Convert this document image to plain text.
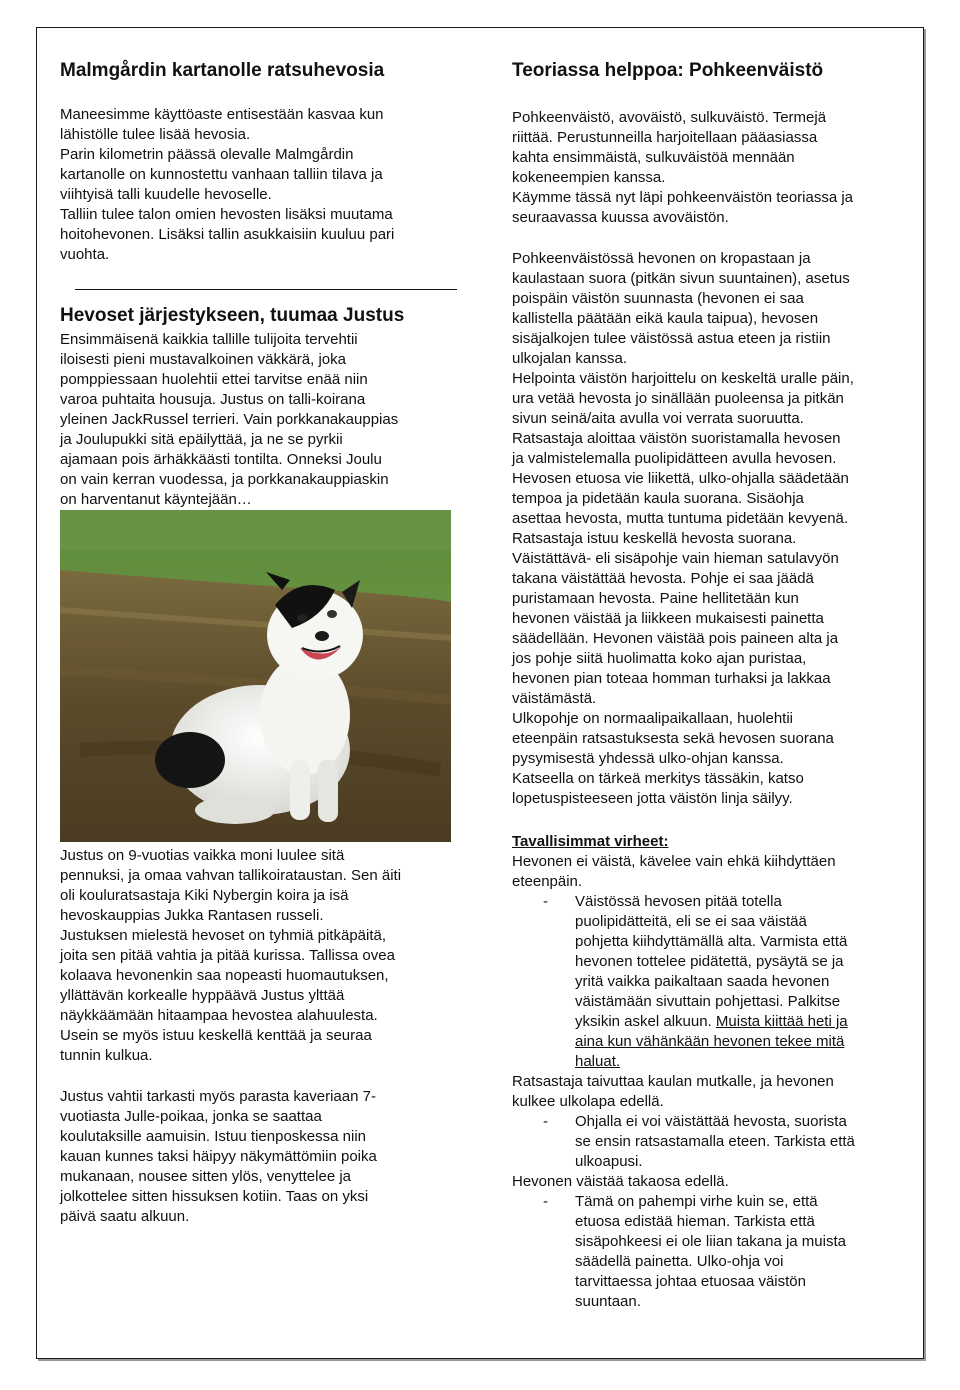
Malmgårdin kartanolle ratsuhevosia

Maneesimme käyttöaste entisestään kasvaa kun
lähistölle tulee lisää hevosia.
Parin kilometrin päässä olevalle Malmgårdin
kartanolle on kunnostettu vanhaan talliin tilava ja
viihtyisä talli kuudelle hevoselle.
Talliin tulee talon omien hevosten lisäksi muutama
hoitohevonen. Lisäksi tallin asukkaisiin kuuluu pari
vuohta.

Hevoset järjestykseen, tuumaa Justus

Ensimmäisenä kaikkia tallille tulijoita tervehtii
iloisesti pieni mustavalkoinen väkkärä, joka
pomppiessaan huolehtii ettei tarvitse enää niin
varoa puhtaita housuja. Justus on talli-koirana
yleinen JackRussel terrieri. Vain porkkanakauppias
ja Joulupukki sitä epäilyttää, ja ne se pyrkii
ajamaan pois ärhäkkäästi tontilta. Onneksi Joulu
on vain kerran vuodessa, ja porkkanakauppiaskin
on harventanut käyntejään…

Justus on 9-vuotias vaikka moni luulee sitä
pennuksi, ja omaa vahvan tallikoirataustan. Sen äiti
oli kouluratsastaja Kiki Nybergin koira ja isä
hevoskauppias Jukka Rantasen russeli.
Justuksen mielestä hevoset on tyhmiä pitkäpäitä,
joita sen pitää vahtia ja pitää kurissa. Tallissa ovea
kolaava hevonenkin saa nopeasti huomautuksen,
yllättävän korkealle hyppäävä Justus ylttää
näykkäämään hitaampaa hevostea alahuulesta.
Usein se myös istuu keskellä kenttää ja seuraa
tunnin kulkua.

Justus vahtii tarkasti myös parasta kaveriaan 7-
vuotiasta Julle-poikaa, jonka se saattaa
koulutaksille aamuisin. Istuu tienposkessa niin
kauan kunnes taksi häipyy näkymättömiin poika
mukanaan, nousee sitten ylös, venyttelee ja
jolkottelee sitten hissuksen kotiin. Taas on yksi
päivä saatu alkuun.

Teoriassa helppoa: Pohkeenväistö

Pohkeenväistö, avoväistö, sulkuväistö. Termejä
riittää. Perustunneilla harjoitellaan pääasiassa
kahta ensimmäistä, sulkuväistöä mennään
kokeneempien kanssa.
Käymme tässä nyt läpi pohkeenväistön teoriassa ja
seuraavassa kuussa avoväistön.

Pohkeenväistössä hevonen on kropastaan ja
kaulastaan suora (pitkän sivun suuntainen), asetus
poispäin väistön suunnasta (hevonen ei saa
kallistella päätään eikä kaula taipua), hevosen
sisäjalkojen tulee väistössä astua eteen ja ristiin
ulkojalan kanssa.
Helpointa väistön harjoittelu on keskeltä uralle päin,
ura vetää hevosta jo sinällään puoleensa ja pitkän
sivun seinä/aita avulla voi verrata suoruutta.
Ratsastaja aloittaa väistön suoristamalla hevosen
ja valmistelemalla puolipidätteen avulla hevosen.
Hevosen etuosa vie liikettä, ulko-ohjalla säädetään
tempoa ja pidetään kaula suorana. Sisäohja
asettaa hevosta, mutta tuntuma pidetään kevyenä.
Ratsastaja istuu keskellä hevosta suorana.
Väistättävä- eli sisäpohje vain hieman satulavyön
takana väistättää hevosta. Pohje ei saa jäädä
puristamaan hevosta. Paine hellitetään kun
hevonen väistää ja liikkeen mukaisesti painetta
säädellään. Hevonen väistää pois paineen alta ja
jos pohje siitä huolimatta koko ajan puristaa,
hevonen pian toteaa homman turhaksi ja lakkaa
väistämästä.
Ulkopohje on normaalipaikallaan, huolehtii
eteenpäin ratsastuksesta sekä hevosen suorana
pysymisestä yhdessä ulko-ohjan kanssa.
Katseella on tärkeä merkitys tässäkin, katso
lopetuspisteeseen jotta väistön linja säilyy.

Tavallisimmat virheet:

Hevonen ei väistä, kävelee vain ehkä kiihdyttäen
eteenpäin.

- Väistössä hevosen pitää totella
puolipidätteitä, eli se ei saa väistää
pohjetta kiihdyttämällä alta. Varmista että
hevonen tottelee pidätettä, pysäytä se ja
yritä vaikka paikaltaan saada hevonen
väistämään sivuttain pohjettasi. Palkitse
yksikin askel alkuun. Muista kiittää heti ja
aina kun vähänkään hevonen tekee mitä
haluat.

Ratsastaja taivuttaa kaulan mutkalle, ja hevonen
kulkee ulkolapa edellä.

- Ohjalla ei voi väistättää hevosta, suorista
se ensin ratsastamalla eteen. Tarkista että
ulkoapusi.

Hevonen väistää takaosa edellä.

- Tämä on pahempi virhe kuin se, että
etuosa edistää hieman. Tarkista että
sisäpohkeesi ei ole liian takana ja muista
säädellä painetta. Ulko-ohja voi
tarvittaessa johtaa etuosaa väistön
suuntaan.
